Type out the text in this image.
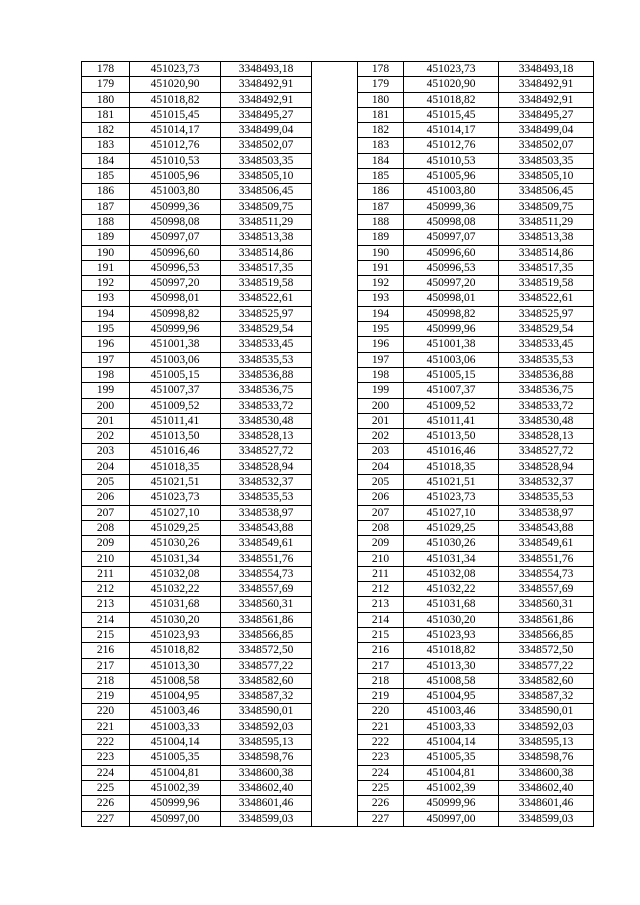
178	451023,73	3348493,18		178	451023,73	3348493,18
179	451020,90	3348492,91		179	451020,90	3348492,91
180	451018,82	3348492,91		180	451018,82	3348492,91
181	451015,45	3348495,27		181	451015,45	3348495,27
182	451014,17	3348499,04		182	451014,17	3348499,04
183	451012,76	3348502,07		183	451012,76	3348502,07
184	451010,53	3348503,35		184	451010,53	3348503,35
185	451005,96	3348505,10		185	451005,96	3348505,10
186	451003,80	3348506,45		186	451003,80	3348506,45
187	450999,36	3348509,75		187	450999,36	3348509,75
188	450998,08	3348511,29		188	450998,08	3348511,29
189	450997,07	3348513,38		189	450997,07	3348513,38
190	450996,60	3348514,86		190	450996,60	3348514,86
191	450996,53	3348517,35		191	450996,53	3348517,35
192	450997,20	3348519,58		192	450997,20	3348519,58
193	450998,01	3348522,61		193	450998,01	3348522,61
194	450998,82	3348525,97		194	450998,82	3348525,97
195	450999,96	3348529,54		195	450999,96	3348529,54
196	451001,38	3348533,45		196	451001,38	3348533,45
197	451003,06	3348535,53		197	451003,06	3348535,53
198	451005,15	3348536,88		198	451005,15	3348536,88
199	451007,37	3348536,75		199	451007,37	3348536,75
200	451009,52	3348533,72		200	451009,52	3348533,72
201	451011,41	3348530,48		201	451011,41	3348530,48
202	451013,50	3348528,13		202	451013,50	3348528,13
203	451016,46	3348527,72		203	451016,46	3348527,72
204	451018,35	3348528,94		204	451018,35	3348528,94
205	451021,51	3348532,37		205	451021,51	3348532,37
206	451023,73	3348535,53		206	451023,73	3348535,53
207	451027,10	3348538,97		207	451027,10	3348538,97
208	451029,25	3348543,88		208	451029,25	3348543,88
209	451030,26	3348549,61		209	451030,26	3348549,61
210	451031,34	3348551,76		210	451031,34	3348551,76
211	451032,08	3348554,73		211	451032,08	3348554,73
212	451032,22	3348557,69		212	451032,22	3348557,69
213	451031,68	3348560,31		213	451031,68	3348560,31
214	451030,20	3348561,86		214	451030,20	3348561,86
215	451023,93	3348566,85		215	451023,93	3348566,85
216	451018,82	3348572,50		216	451018,82	3348572,50
217	451013,30	3348577,22		217	451013,30	3348577,22
218	451008,58	3348582,60		218	451008,58	3348582,60
219	451004,95	3348587,32		219	451004,95	3348587,32
220	451003,46	3348590,01		220	451003,46	3348590,01
221	451003,33	3348592,03		221	451003,33	3348592,03
222	451004,14	3348595,13		222	451004,14	3348595,13
223	451005,35	3348598,76		223	451005,35	3348598,76
224	451004,81	3348600,38		224	451004,81	3348600,38
225	451002,39	3348602,40		225	451002,39	3348602,40
226	450999,96	3348601,46		226	450999,96	3348601,46
227	450997,00	3348599,03		227	450997,00	3348599,03
